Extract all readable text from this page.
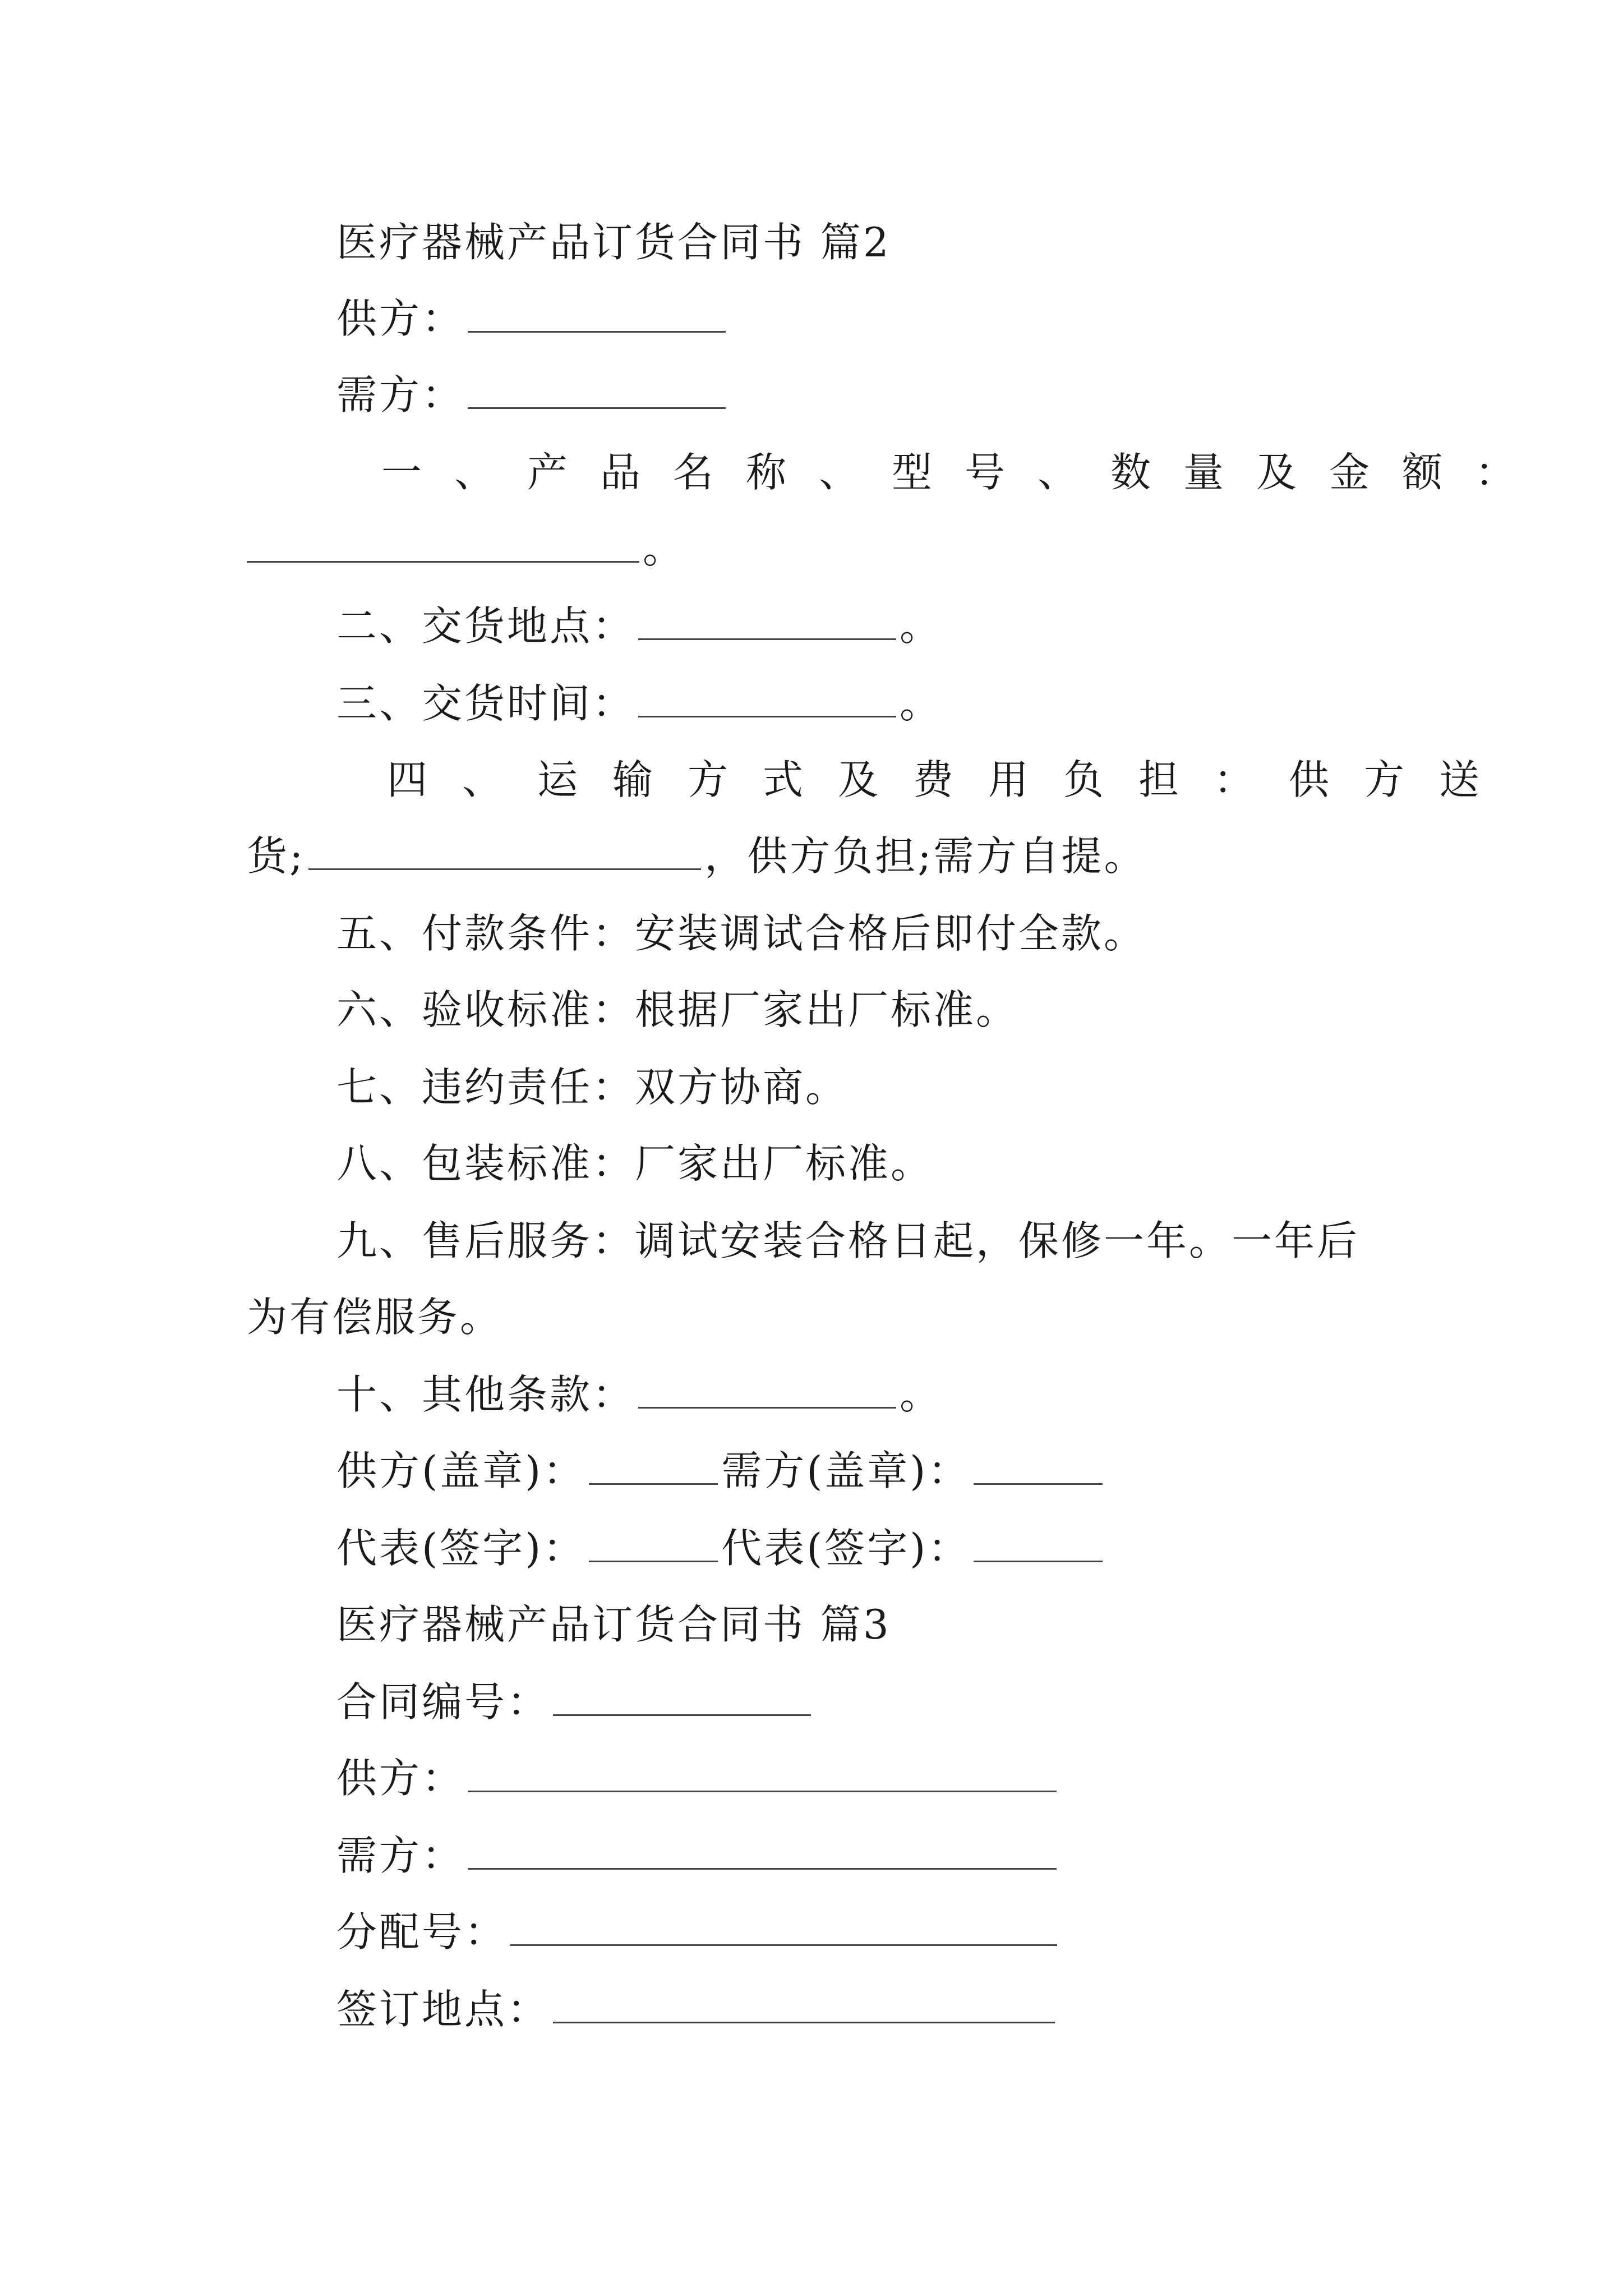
医疗器械产品订货合同书 篇2
供方：
需方：
一、产品名称、型号、数量及金额：
。
二、交货地点：	。
三、交货时间：	。
四、运输方式及费用负担：供方送
货;	，供方负担;需方自提。
五、付款条件：安装调试合格后即付全款。
六、验收标准：根据厂家出厂标准。
七、违约责任：双方协商。
八、包装标准：厂家出厂标准。
九、售后服务：调试安装合格日起，保修一年。一年后
为有偿服务。
十、其他条款：	。
供方(盖章)：	需方(盖章)：
代表(签字)：	代表(签字)：
医疗器械产品订货合同书 篇3
合同编号：
供方：
需方：
分配号：
签订地点：
